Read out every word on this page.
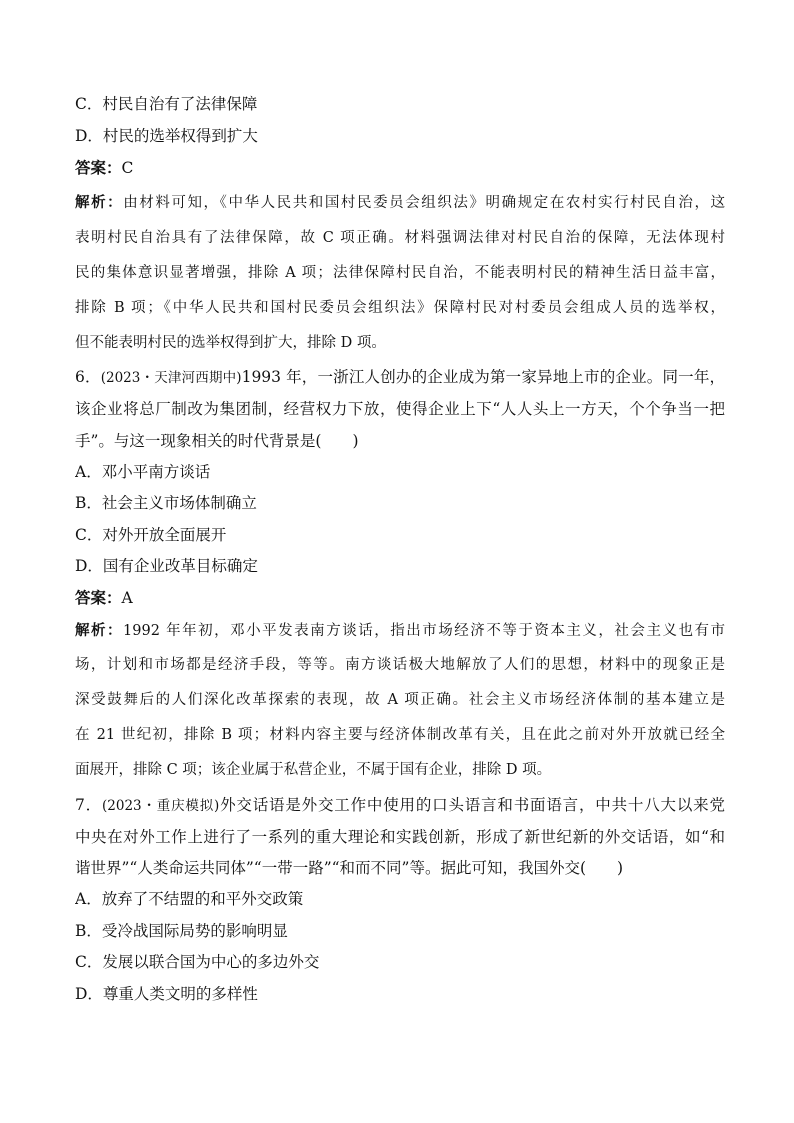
C．村民自治有了法律保障
D．村民的选举权得到扩大
答案：C
解析：由材料可知，《中华人民共和国村民委员会组织法》明确规定在农村实行村民自治，这
表明村民自治具有了法律保障，故 C 项正确。材料强调法律对村民自治的保障，无法体现村
民的集体意识显著增强，排除 A 项；法律保障村民自治，不能表明村民的精神生活日益丰富，
排除 B 项；《中华人民共和国村民委员会组织法》保障村民对村委员会组成人员的选举权，
但不能表明村民的选举权得到扩大，排除 D 项。
6．(2023・天津河西期中)1993 年，一浙江人创办的企业成为第一家异地上市的企业。同一年，
该企业将总厂制改为集团制，经营权力下放，使得企业上下“人人头上一方天，个个争当一把
手”。与这一现象相关的时代背景是(　　)
A．邓小平南方谈话
B．社会主义市场体制确立
C．对外开放全面展开
D．国有企业改革目标确定
答案：A
解析：1992 年年初，邓小平发表南方谈话，指出市场经济不等于资本主义，社会主义也有市
场，计划和市场都是经济手段，等等。南方谈话极大地解放了人们的思想，材料中的现象正是
深受鼓舞后的人们深化改革探索的表现，故 A 项正确。社会主义市场经济体制的基本建立是
在 21 世纪初，排除 B 项；材料内容主要与经济体制改革有关，且在此之前对外开放就已经全
面展开，排除 C 项；该企业属于私营企业，不属于国有企业，排除 D 项。
7．(2023・重庆模拟)外交话语是外交工作中使用的口头语言和书面语言，中共十八大以来党
中央在对外工作上进行了一系列的重大理论和实践创新，形成了新世纪新的外交话语，如“和
谐世界”“人类命运共同体”“一带一路”“和而不同”等。据此可知，我国外交(　　)
A．放弃了不结盟的和平外交政策
B．受冷战国际局势的影响明显
C．发展以联合国为中心的多边外交
D．尊重人类文明的多样性
